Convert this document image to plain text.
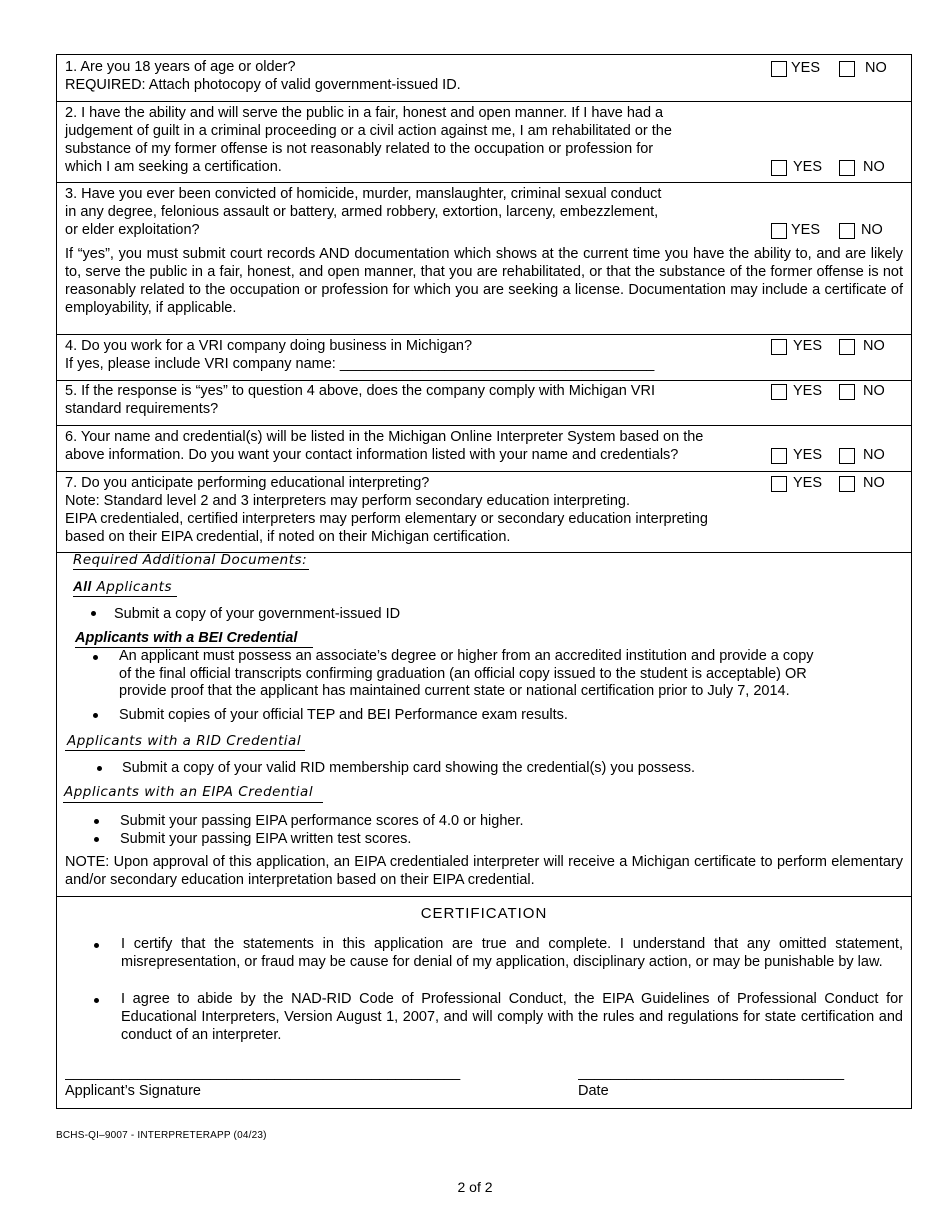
1. Are you 18 years of age or older?
REQUIRED: Attach photocopy of valid government-issued ID.
YES	NO
2. I have the ability and will serve the public in a fair, honest and open manner. If I have had a
judgement of guilt in a criminal proceeding or a civil action against me, I am rehabilitated or the
substance of my former offense is not reasonably related to the occupation or profession for
which I am seeking a certification.	YES	NO
3. Have you ever been convicted of homicide, murder, manslaughter, criminal sexual conduct
in any degree, felonious assault or battery, armed robbery, extortion, larceny, embezzlement,
or elder exploitation?	YES	NO
If “yes”, you must submit court records AND documentation which shows at the current time you have the ability to, and are likely to, serve the public in a fair, honest, and open manner, that you are rehabilitated, or that the substance of the former offense is not reasonably related to the occupation or profession for which you are seeking a license. Documentation may include a certificate of employability, if applicable.
4. Do you work for a VRI company doing business in Michigan?
If yes, please include VRI company name: _______________________________________
YES	NO
5. If the response is “yes” to question 4 above, does the company comply with Michigan VRI
standard requirements?
YES	NO
6. Your name and credential(s) will be listed in the Michigan Online Interpreter System based on the
above information. Do you want your contact information listed with your name and credentials?	YES	NO
7. Do you anticipate performing educational interpreting?
Note: Standard level 2 and 3 interpreters may perform secondary education interpreting.
EIPA credentialed, certified interpreters may perform elementary or secondary education interpreting
based on their EIPA credential, if noted on their Michigan certification.
YES	NO
Required Additional Documents:
All Applicants
Submit a copy of your government-issued ID
Applicants with a BEI Credential
An applicant must possess an associate’s degree or higher from an accredited institution and provide a copy
of the final official transcripts confirming graduation (an official copy issued to the student is acceptable) OR
provide proof that the applicant has maintained current state or national certification prior to July 7, 2014.
Submit copies of your official TEP and BEI Performance exam results.
Applicants with a RID Credential
Submit a copy of your valid RID membership card showing the credential(s) you possess.
Applicants with an EIPA Credential
Submit your passing EIPA performance scores of 4.0 or higher.
Submit your passing EIPA written test scores.
NOTE: Upon approval of this application, an EIPA credentialed interpreter will receive a Michigan certificate to perform elementary and/or secondary education interpretation based on their EIPA credential.
CERTIFICATION
I certify that the statements in this application are true and complete. I understand that any omitted statement, misrepresentation, or fraud may be cause for denial of my application, disciplinary action, or may be punishable by law.
I agree to abide by the NAD-RID Code of Professional Conduct, the EIPA Guidelines of Professional Conduct for Educational Interpreters, Version August 1, 2007, and will comply with the rules and regulations for state certification and conduct of an interpreter.
_________________________________________________	_________________________________
Applicant’s Signature	Date
BCHS-QI–9007 - INTERPRETERAPP (04/23)
2 of 2
